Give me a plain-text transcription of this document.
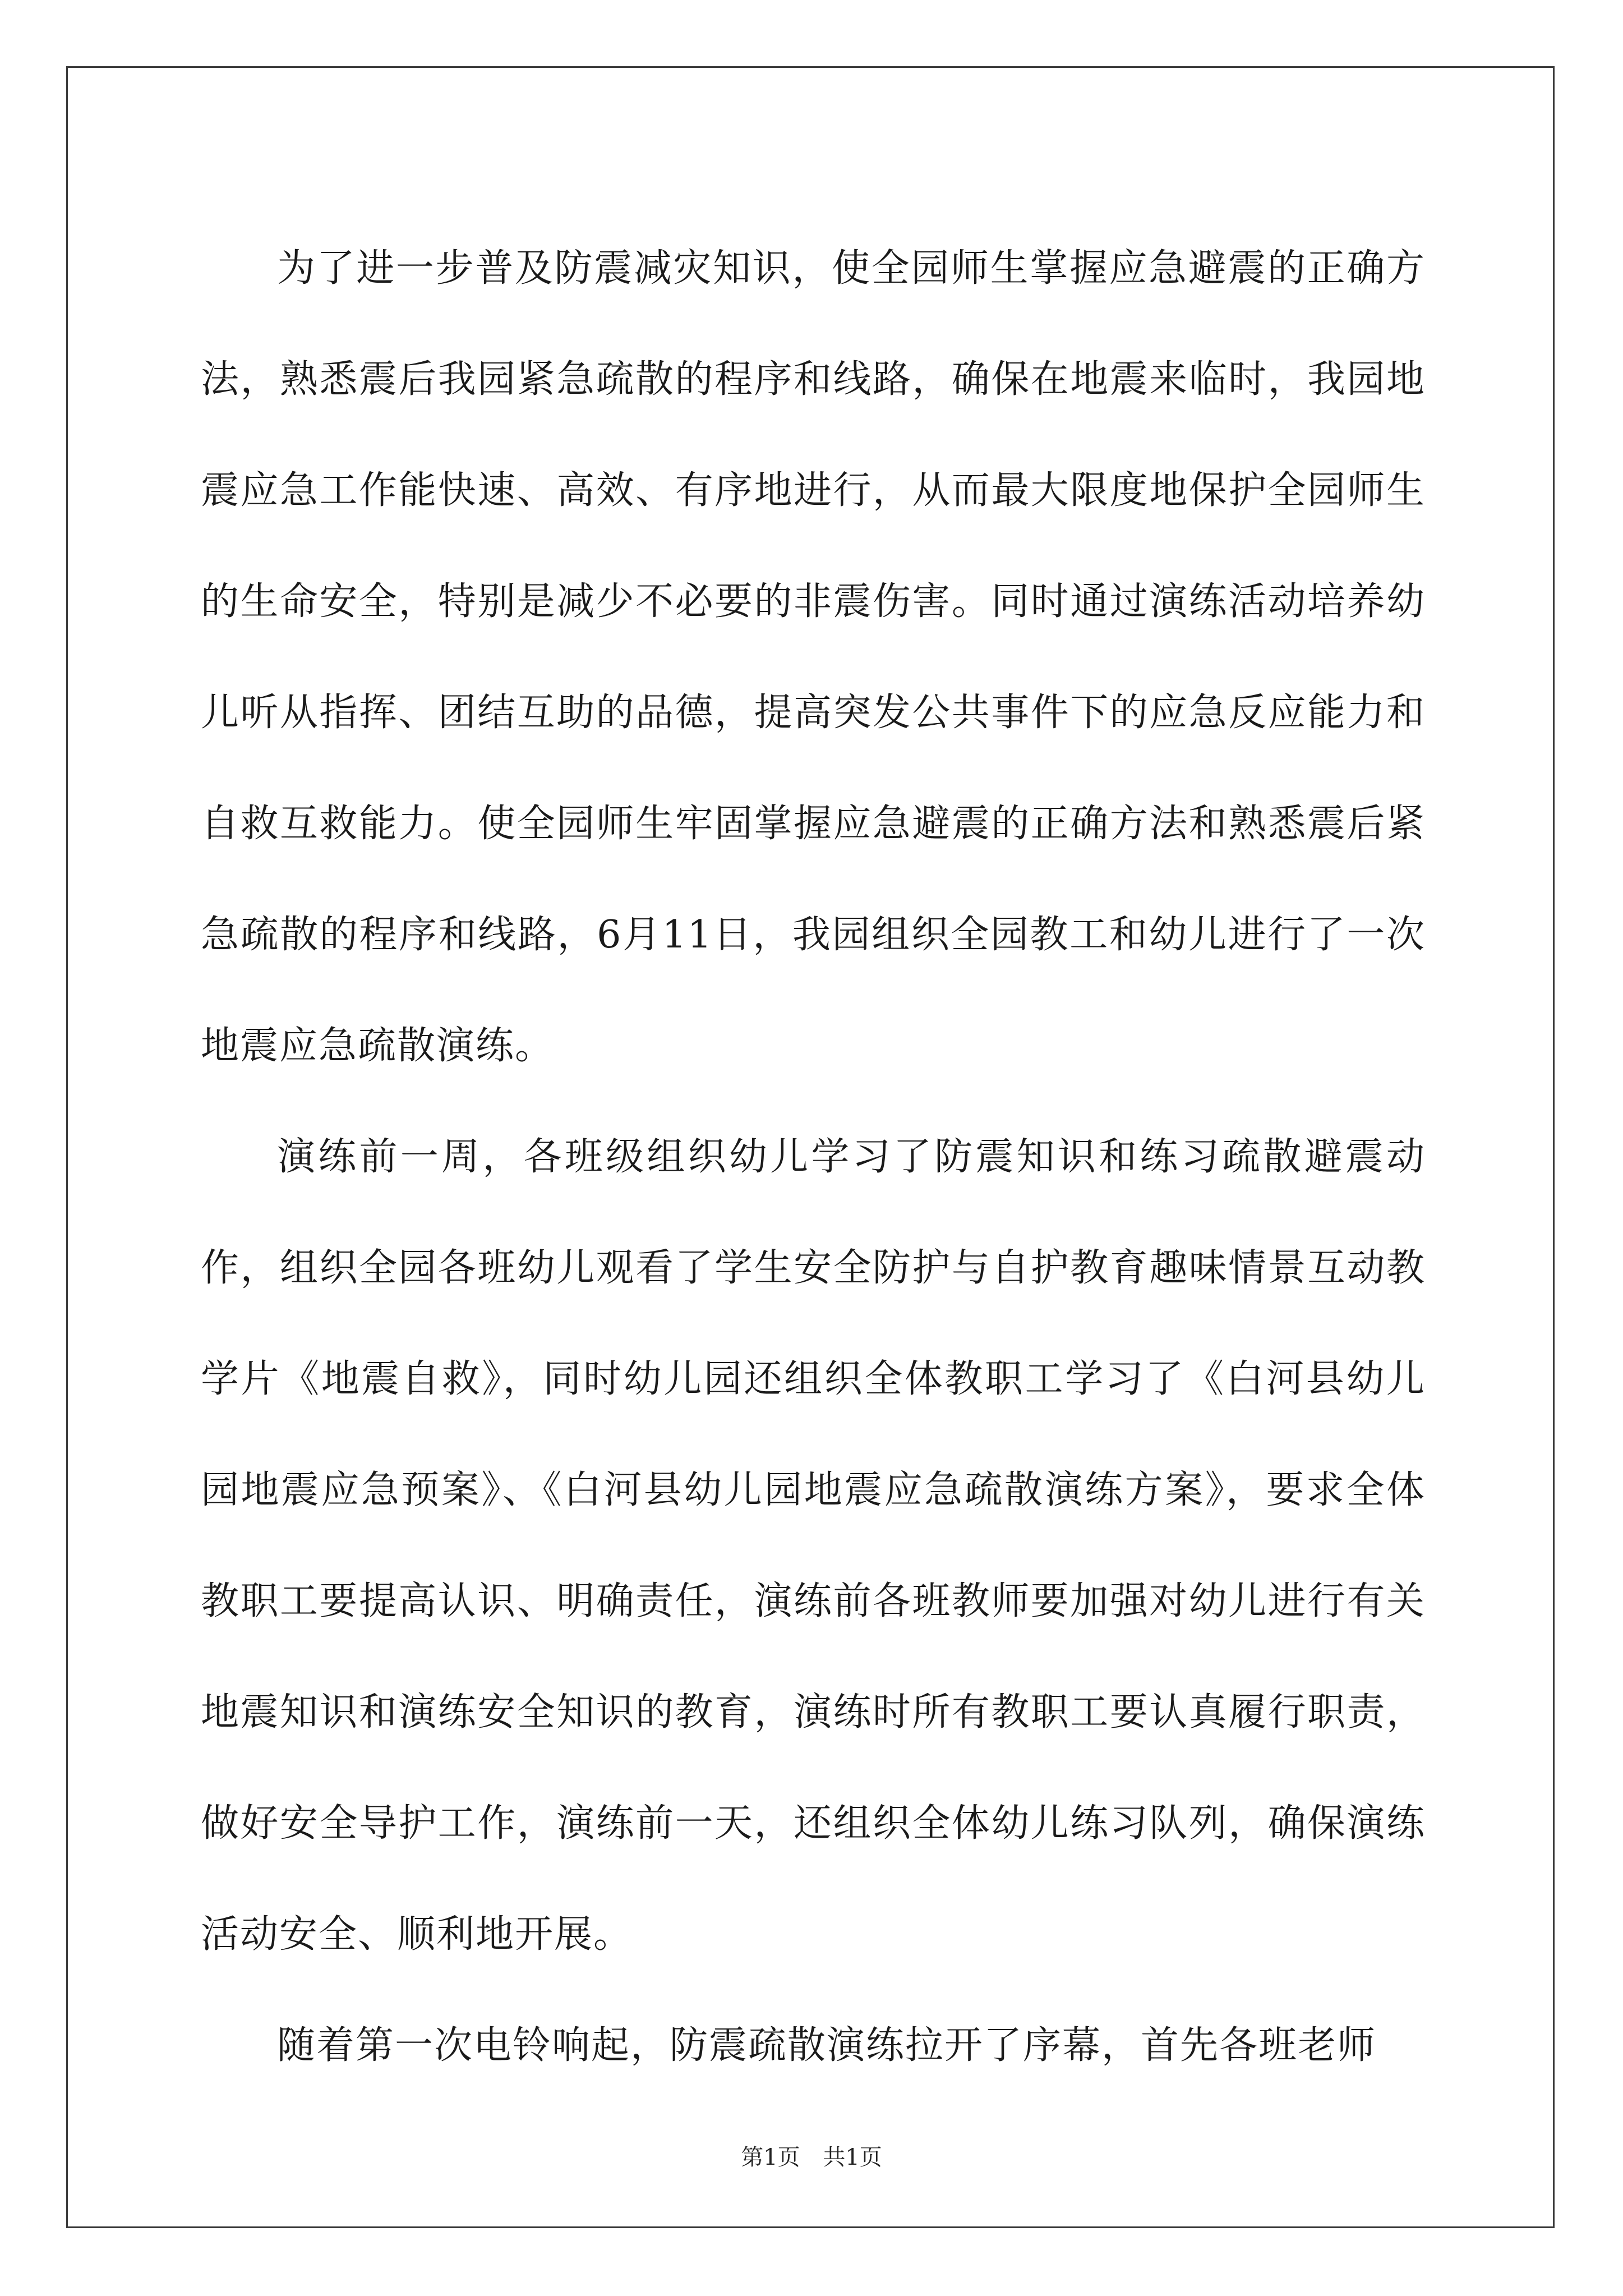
为了进一步普及防震减灾知识，使全园师生掌握应急避震的正确方法，熟悉震后我园紧急疏散的程序和线路，确保在地震来临时，我园地震应急工作能快速、高效、有序地进行，从而最大限度地保护全园师生的生命安全，特别是减少不必要的非震伤害。同时通过演练活动培养幼儿听从指挥、团结互助的品德，提高突发公共事件下的应急反应能力和自救互救能力。使全园师生牢固掌握应急避震的正确方法和熟悉震后紧急疏散的程序和线路，6月11日，我园组织全园教工和幼儿进行了一次地震应急疏散演练。

演练前一周，各班级组织幼儿学习了防震知识和练习疏散避震动作，组织全园各班幼儿观看了学生安全防护与自护教育趣味情景互动教学片《地震自救》，同时幼儿园还组织全体教职工学习了《白河县幼儿园地震应急预案》、《白河县幼儿园地震应急疏散演练方案》，要求全体教职工要提高认识、明确责任，演练前各班教师要加强对幼儿进行有关地震知识和演练安全知识的教育，演练时所有教职工要认真履行职责，做好安全导护工作，演练前一天，还组织全体幼儿练习队列，确保演练活动安全、顺利地开展。

随着第一次电铃响起，防震疏散演练拉开了序幕，首先各班老师

第1页 共1页
